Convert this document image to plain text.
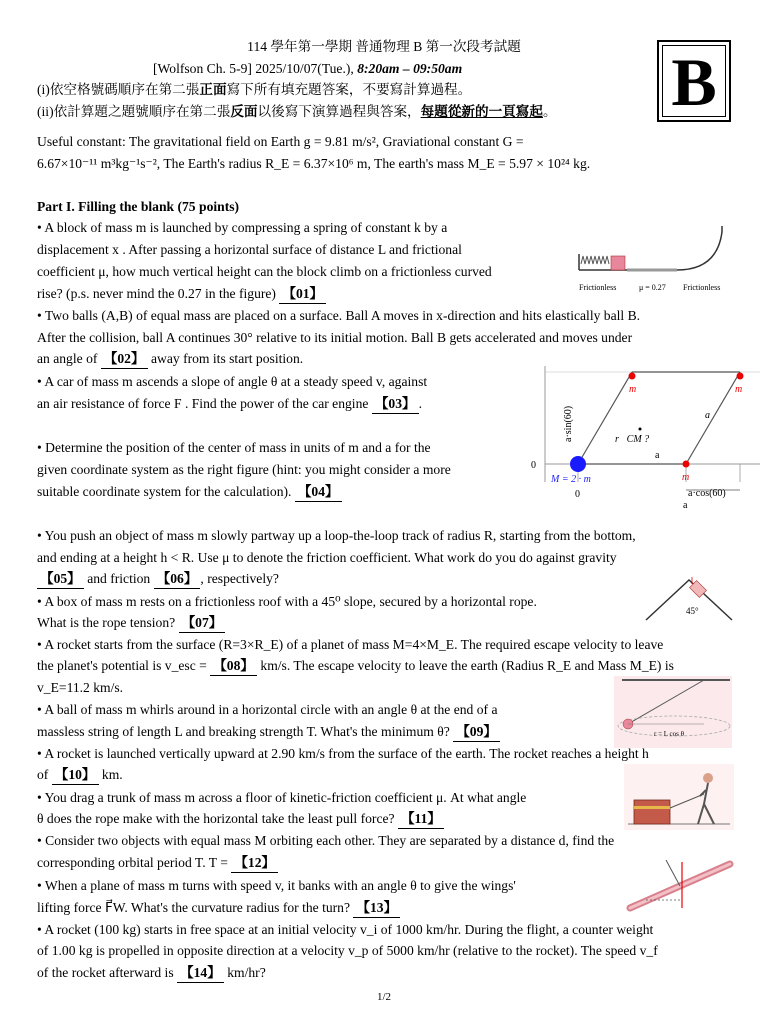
114 學年第一學期 普通物理 B 第一次段考試題
[Wolfson Ch. 5-9] 2025/10/07(Tue.), 8:20am – 09:50am
(i)依空格號碼順序在第二張正面寫下所有填充題答案，不要寫計算過程。
(ii)依計算題之題號順序在第二張反面以後寫下演算過程與答案，每題從新的一頁寫起。 B
Useful constant: The gravitational field on Earth g = 9.81 m/s², Graviational constant G =
6.67×10⁻¹¹ m³kg⁻¹s⁻², The Earth's radius R_E = 6.37×10⁶ m, The earth's mass M_E = 5.97 × 10²⁴ kg.
Part I. Filling the blank (75 points)
• A block of mass m is launched by compressing a spring of constant k by a
displacement x . After passing a horizontal surface of distance L and frictional
coefficient μ, how much vertical height can the block climb on a frictionless curved
rise? (p.s. never mind the 0.27 in the figure) 【01】	Frictionless	μ = 0.27 Frictionless
• Two balls (A,B) of equal mass are placed on a surface. Ball A moves in x-direction and hits elastically ball B.
After the collision, ball A continues 30° relative to its initial motion. Ball B gets accelerated and moves under
an angle of 【02】 away from its start position.
• A car of mass m ascends a slope of angle θ at a steady speed v, against
an air resistance of force F . Find the power of the car engine 【03】 .
• Determine the position of the center of mass in units of m and a for the
given coordinate system as the right figure (hint: you might consider a more
suitable coordinate system for the calculation). 【04】
m	m
m
M = 2 · m
a·sin(60)
a·cos(60)
a
a
a
0
0
r⃗CM ?
• You push an object of mass m slowly partway up a loop-the-loop track of radius R, starting from the bottom,
and ending at a height h < R. Use μ to denote the friction coefficient. What work do you do against gravity
【05】 and friction 【06】 , respectively?
• A box of mass m rests on a frictionless roof with a 45⁰ slope, secured by a horizontal rope.
What is the rope tension? 【07】
45°
• A rocket starts from the surface (R=3×R_E) of a planet of mass M=4×M_E. The required escape velocity to leave
the planet's potential is v_esc = 【08】 km/s. The escape velocity to leave the earth (Radius R_E and Mass M_E) is
v_E=11.2 km/s.
• A ball of mass m whirls around in a horizontal circle with an angle θ at the end of a
massless string of length L and breaking strength T. What's the minimum θ? 【09】	r = L cos θ
• A rocket is launched vertically upward at 2.90 km/s from the surface of the earth. The rocket reaches a height h
of 【10】 km.
• You drag a trunk of mass m across a floor of kinetic-friction coefficient μ. At what angle
θ does the rope make with the horizontal take the least pull force? 【11】
• Consider two objects with equal mass M orbiting each other. They are separated by a distance d, find the
corresponding orbital period T. T = 【12】
• When a plane of mass m turns with speed v, it banks with an angle θ to give the wings'
lifting force F⃗W. What's the curvature radius for the turn? 【13】
• A rocket (100 kg) starts in free space at an initial velocity v_i of 1000 km/hr. During the flight, a counter weight
of 1.00 kg is propelled in opposite direction at a velocity v_p of 5000 km/hr (relative to the rocket). The speed v_f
of the rocket afterward is 【14】 km/hr?
1/2
